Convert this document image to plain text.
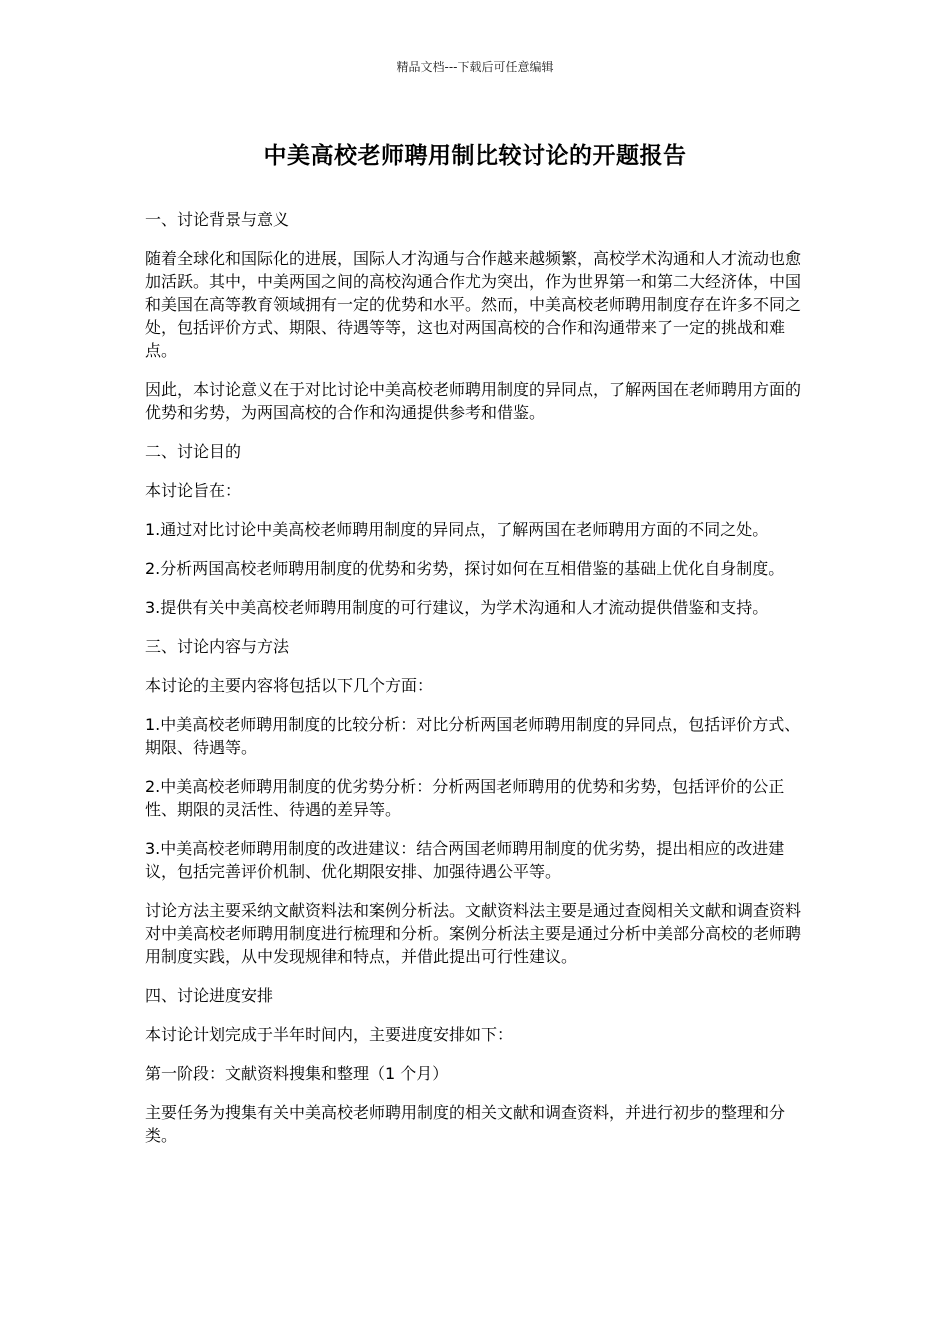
精品文档---下载后可任意编辑
中美高校老师聘用制比较讨论的开题报告

一、讨论背景与意义

随着全球化和国际化的进展，国际人才沟通与合作越来越频繁，高校学术沟通和人才流动也愈加活跃。其中，中美两国之间的高校沟通合作尤为突出，作为世界第一和第二大经济体，中国和美国在高等教育领域拥有一定的优势和水平。然而，中美高校老师聘用制度存在许多不同之处，包括评价方式、期限、待遇等等，这也对两国高校的合作和沟通带来了一定的挑战和难点。

因此，本讨论意义在于对比讨论中美高校老师聘用制度的异同点，了解两国在老师聘用方面的优势和劣势，为两国高校的合作和沟通提供参考和借鉴。

二、讨论目的

本讨论旨在：

1.通过对比讨论中美高校老师聘用制度的异同点，了解两国在老师聘用方面的不同之处。

2.分析两国高校老师聘用制度的优势和劣势，探讨如何在互相借鉴的基础上优化自身制度。

3.提供有关中美高校老师聘用制度的可行建议，为学术沟通和人才流动提供借鉴和支持。

三、讨论内容与方法

本讨论的主要内容将包括以下几个方面：

1.中美高校老师聘用制度的比较分析：对比分析两国老师聘用制度的异同点，包括评价方式、期限、待遇等。

2.中美高校老师聘用制度的优劣势分析：分析两国老师聘用的优势和劣势，包括评价的公正性、期限的灵活性、待遇的差异等。

3.中美高校老师聘用制度的改进建议：结合两国老师聘用制度的优劣势，提出相应的改进建议，包括完善评价机制、优化期限安排、加强待遇公平等。

讨论方法主要采纳文献资料法和案例分析法。文献资料法主要是通过查阅相关文献和调查资料对中美高校老师聘用制度进行梳理和分析。案例分析法主要是通过分析中美部分高校的老师聘用制度实践，从中发现规律和特点，并借此提出可行性建议。

四、讨论进度安排

本讨论计划完成于半年时间内，主要进度安排如下：

第一阶段：文献资料搜集和整理（1 个月）

主要任务为搜集有关中美高校老师聘用制度的相关文献和调查资料，并进行初步的整理和分类。
